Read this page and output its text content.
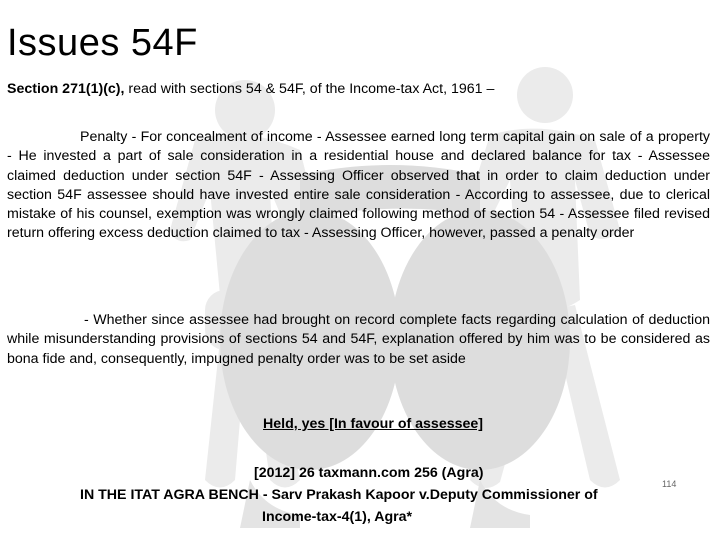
Issues 54F
Section 271(1)(c), read with sections 54 & 54F, of the Income-tax Act, 1961 –

Penalty - For concealment of income - Assessee earned long term capital gain on sale of a property - He invested a part of sale consideration in a residential house and declared balance for tax - Assessee claimed deduction under section 54F - Assessing Officer observed that in order to claim deduction under section 54F assessee should have invested entire sale consideration - According to assessee, due to clerical mistake of his counsel, exemption was wrongly claimed following method of section 54 - Assessee filed revised return offering excess deduction claimed to tax - Assessing Officer, however, passed a penalty order

- Whether since assessee had brought on record complete facts regarding calculation of deduction while misunderstanding provisions of sections 54 and 54F, explanation offered by him was to be considered as bona fide and, consequently, impugned penalty order was to be set aside

Held, yes [In favour of assessee]
[2012] 26 taxmann.com 256 (Agra)
IN THE ITAT AGRA BENCH - Sarv Prakash Kapoor v.Deputy Commissioner of
Income-tax-4(1), Agra*
114
